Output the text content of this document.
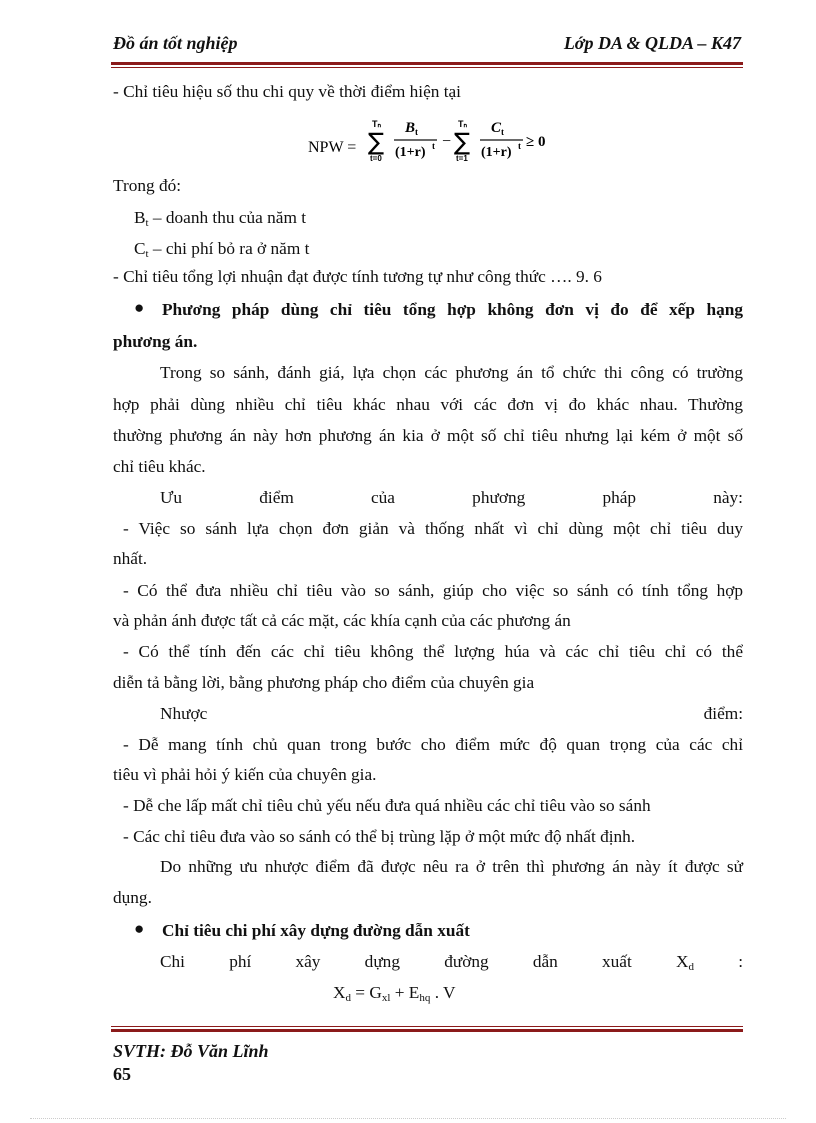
Đồ án tốt nghiệp	Lớp DA & QLDA – K47
- Chỉ tiêu hiệu số thu chi quy về thời điểm hiện tại
NPW =
Tₙ
∑
t=0
B t
(1+r) t −
Tₙ
∑
t=1
C t
(1+r) t ≥ 0
Trong đó:
$B_t$ – doanh thu của năm t
$C_t$ – chi phí bỏ ra ở năm t
- Chỉ tiêu tổng lợi nhuận đạt được tính tương tự như công thức …. 9. 6
● Phương pháp dùng chỉ tiêu tổng hợp không đơn vị đo để xếp hạng
phương án.
Trong so sánh, đánh giá, lựa chọn các phương án tổ chức thi công có trường
hợp phải dùng nhiều chỉ tiêu khác nhau với các đơn vị đo khác nhau. Thường
thường phương án này hơn phương án kia ở một số chỉ tiêu nhưng lại kém ở một số
chỉ tiêu khác.
Ưu	điểm	của	phương	pháp	này:
- Việc so sánh lựa chọn đơn giản và thống nhất vì chỉ dùng một chỉ tiêu duy
nhất.
- Có thể đưa nhiều chỉ tiêu vào so sánh, giúp cho việc so sánh có tính tổng hợp
và phản ánh được tất cả các mặt, các khía cạnh của các phương án
- Có thể tính đến các chỉ tiêu không thể lượng húa và các chỉ tiêu chỉ có thể
diễn tả bằng lời, bằng phương pháp cho điểm của chuyên gia
Nhược	điểm:
- Dễ mang tính chủ quan trong bước cho điểm mức độ quan trọng của các chỉ
tiêu vì phải hỏi ý kiến của chuyên gia.
- Dễ che lấp mất chỉ tiêu chủ yếu nếu đưa quá nhiều các chỉ tiêu vào so sánh
- Các chỉ tiêu đưa vào so sánh có thể bị trùng lặp ở một mức độ nhất định.
Do những ưu nhược điểm đã được nêu ra ở trên thì phương án này ít được sử
dụng.
● Chỉ tiêu chi phí xây dựng đường dẫn xuất
Chi	phí	xây	dựng	đường	dẫn	xuất	$X_d$	:
$X_d = G_{xl} + E_{hq}$ . V
SVTH: Đỗ Văn Lĩnh
65
